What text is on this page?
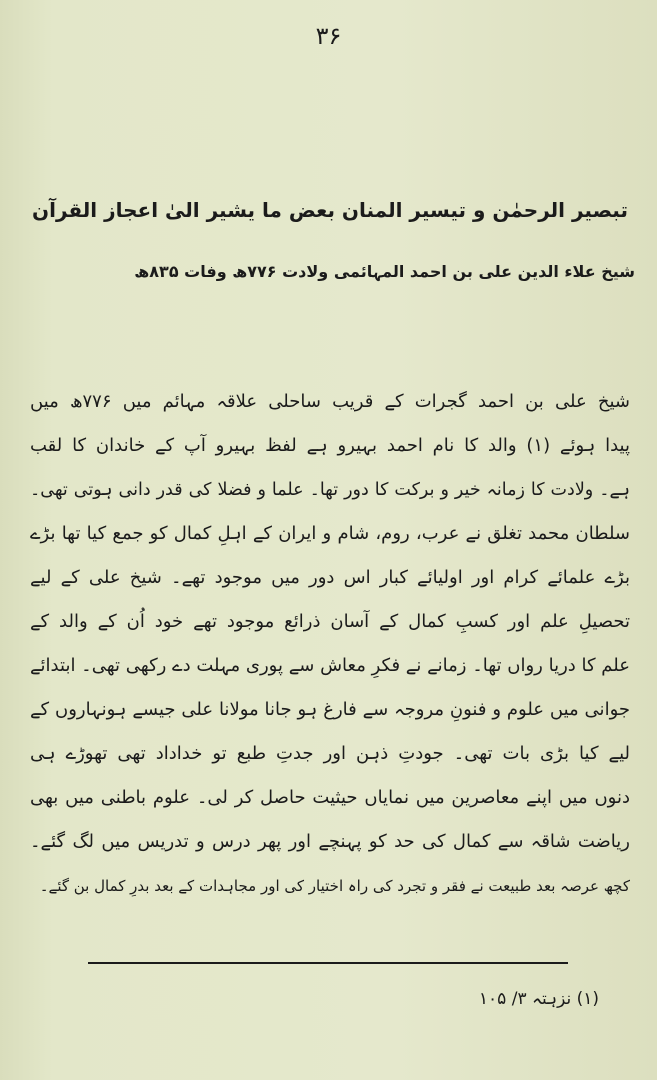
۳۶
تبصیر الرحمٰن و تیسیر المنان بعض ما یشیر الیٰ اعجاز القرآن
شیخ علاء الدین علی بن احمد المہائمی ولادت ۷۷۶ھ وفات ۸۳۵ھ
شیخ علی بن احمد گجرات کے قریب ساحلی علاقہ مہائم میں ۷۷۶ھ میں
پیدا ہوئے (۱) والد کا نام احمد بہیرو ہے لفظ بہیرو آپ کے خاندان کا لقب
ہے۔ ولادت کا زمانہ خیر و برکت کا دور تھا۔ علما و فضلا کی قدر دانی ہوتی تھی۔
سلطان محمد تغلق نے عرب، روم، شام و ایران کے اہلِ کمال کو جمع کیا تھا بڑے
بڑے علمائے کرام اور اولیائے کبار اس دور میں موجود تھے۔ شیخ علی کے لیے
تحصیلِ علم اور کسبِ کمال کے آسان ذرائع موجود تھے خود اُن کے والد کے
علم کا دریا رواں تھا۔ زمانے نے فکرِ معاش سے پوری مہلت دے رکھی تھی۔ ابتدائے
جوانی میں علوم و فنونِ مروجہ سے فارغ ہو جانا مولانا علی جیسے ہونہاروں کے
لیے کیا بڑی بات تھی۔ جودتِ ذہن اور جدتِ طبع تو خداداد تھی تھوڑے ہی
دنوں میں اپنے معاصرین میں نمایاں حیثیت حاصل کر لی۔ علوم باطنی میں بھی
ریاضت شاقہ سے کمال کی حد کو پہنچے اور پھر درس و تدریس میں لگ گئے۔
کچھ عرصہ بعد طبیعت نے فقر و تجرد کی راہ اختیار کی اور مجاہدات کے بعد بدرِ کمال بن گئے۔
(۱) نزہتہ ۳/ ۱۰۵
